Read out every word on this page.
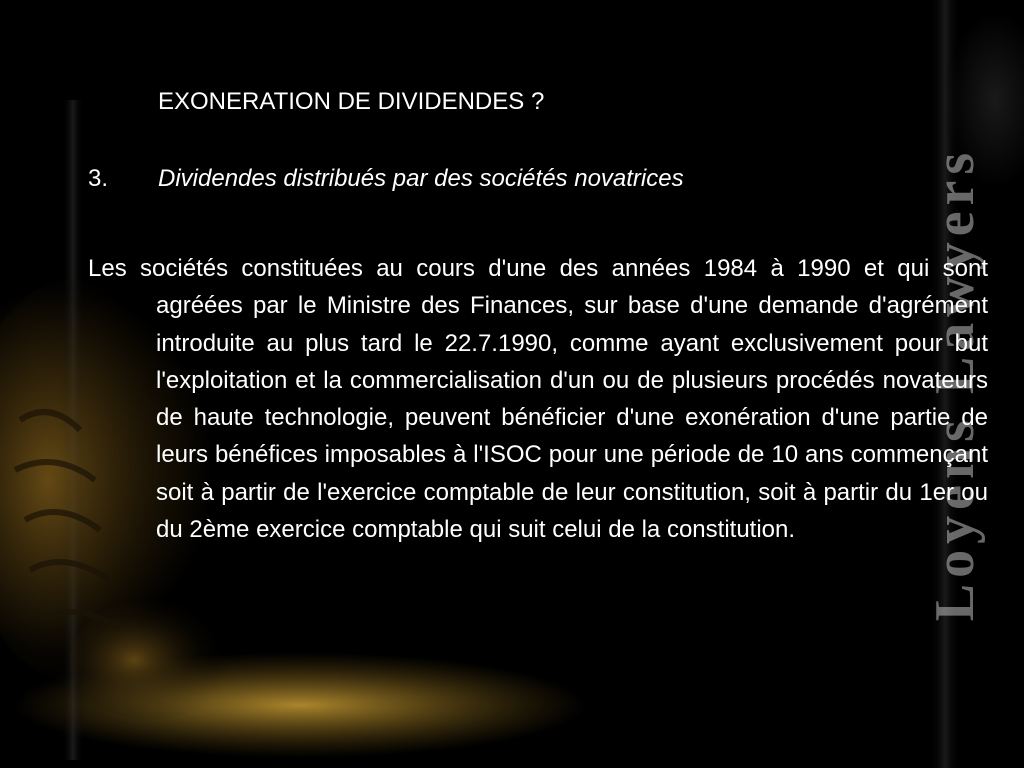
Loyens Lawyers
EXONERATION DE DIVIDENDES ?
3. Dividendes distribués par des sociétés novatrices

Les sociétés constituées au cours d'une des années 1984 à 1990 et qui sont agréées par le Ministre des Finances, sur base d'une demande d'agrément introduite au plus tard le 22.7.1990, comme ayant exclusivement pour but l'exploitation et la commercialisation d'un ou de plusieurs procédés novateurs de haute technologie, peuvent bénéficier d'une exonération d'une partie de leurs bénéfices imposables à l'ISOC pour une période de 10 ans commençant soit à partir de l'exercice comptable de leur constitution, soit à partir du 1er ou du 2ème exercice comptable qui suit celui de la constitution.
